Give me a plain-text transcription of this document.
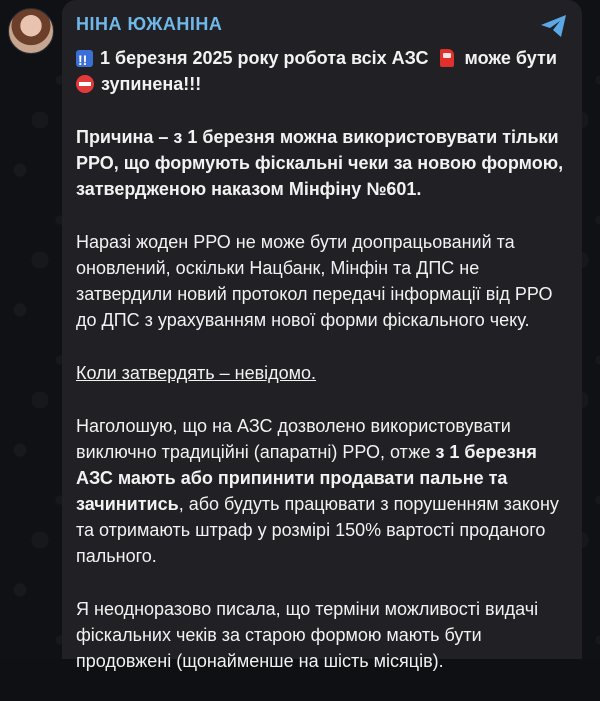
НІНА ЮЖАНІНА

!! 1 березня 2025 року робота всіх АЗС може бути
зупинена!!!

Причина – з 1 березня можна використовувати тільки РРО, що формують фіскальні чеки за новою формою, затвердженою наказом Мінфіну №601.

Наразі жоден РРО не може бути доопрацьований та оновлений, оскільки Нацбанк, Мінфін та ДПС не затвердили новий протокол передачі інформації від РРО до ДПС з урахуванням нової форми фіскального чеку.

Коли затвердять – невідомо.

Наголошую, що на АЗС дозволено використовувати виключно традиційні (апаратні) РРО, отже з 1 березня АЗС мають або припинити продавати пальне та зачинитись, або будуть працювати з порушенням закону та отримають штраф у розмірі 150% вартості проданого пального.

Я неодноразово писала, що терміни можливості видачі фіскальних чеків за старою формою мають бути продовжені (щонайменше на шість місяців).
